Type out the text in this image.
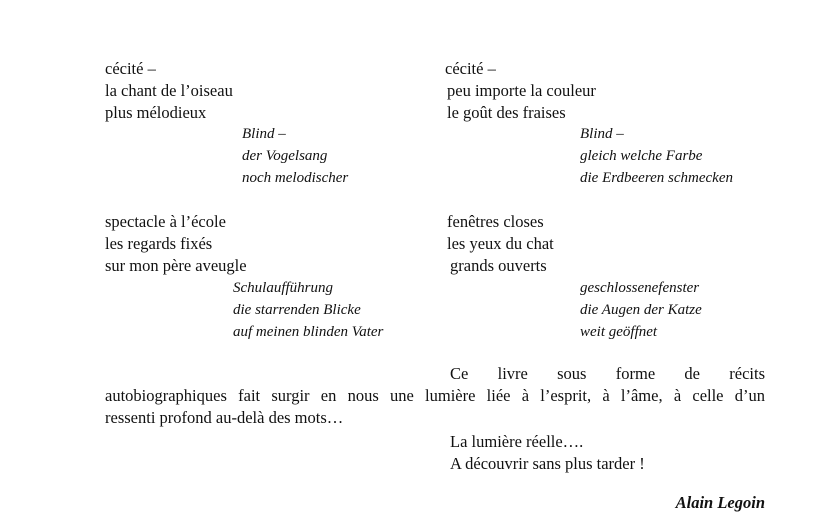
cécité –
la chant de l’oiseau
plus mélodieux
Blind –
der Vogelsang
noch melodischer
cécité –
peu importe la couleur
le goût des fraises
Blind –
gleich welche Farbe
die Erdbeeren schmecken
spectacle à l’école
les regards fixés
sur mon père aveugle
Schulaufführung
die starrenden Blicke
auf meinen blinden Vater
fenêtres closes
les yeux du chat
grands ouverts
geschlossenefenster
die Augen der Katze
weit geöffnet
Ce livre sous forme de récits
autobiographiques fait surgir en nous une lumière liée à l’esprit, à l’âme, à celle d’un
ressenti profond au-delà des mots…
La lumière réelle….
A découvrir sans plus tarder !
Alain Legoin
